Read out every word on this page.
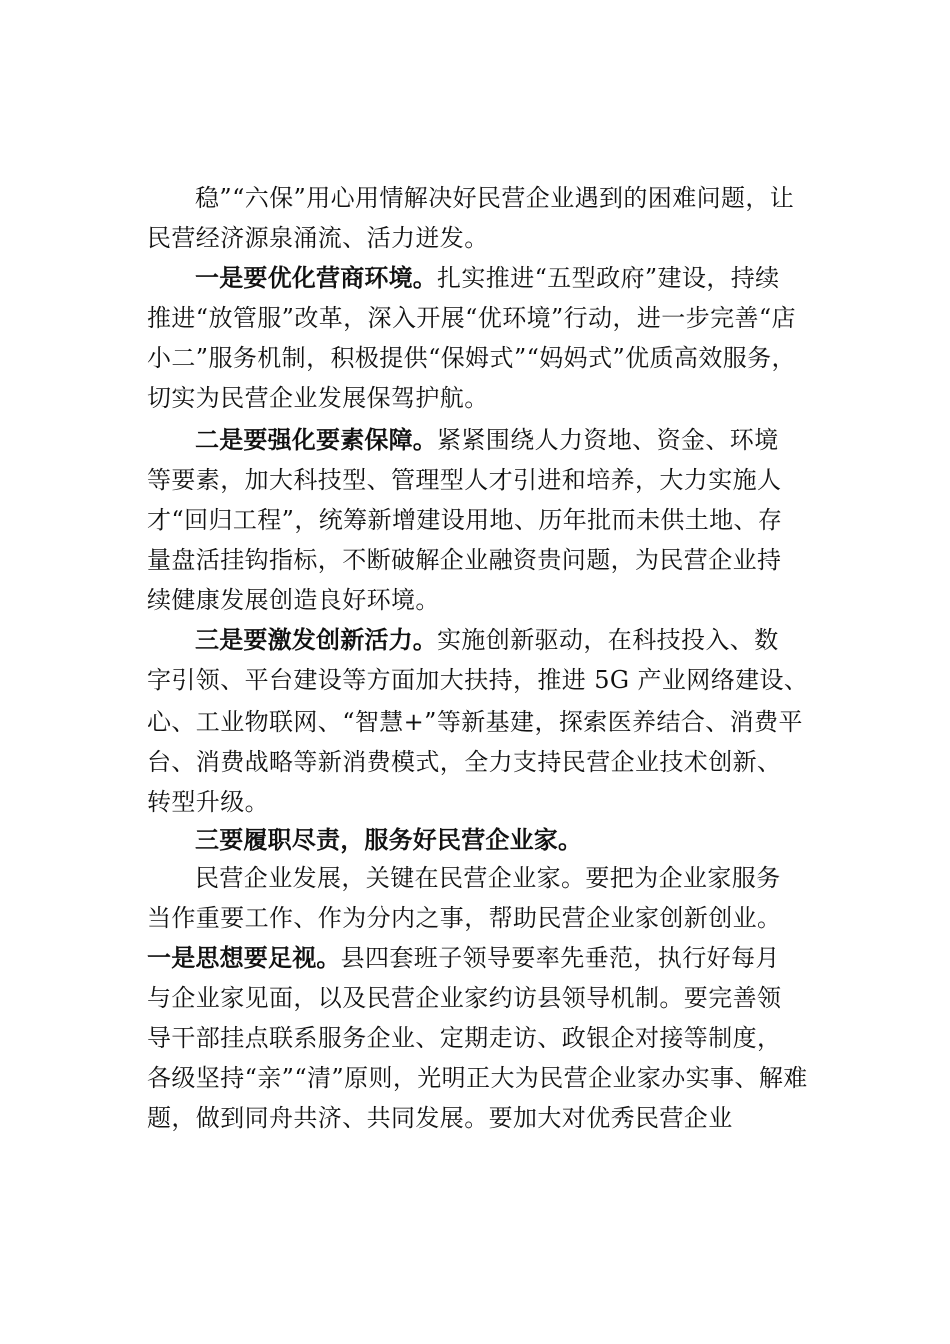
稳”“六保”用心用情解决好民营企业遇到的困难问题，让
民营经济源泉涌流、活力迸发。
一是要优化营商环境。扎实推进“五型政府”建设，持续
推进“放管服”改革，深入开展“优环境”行动，进一步完善“店
小二”服务机制，积极提供“保姆式”“妈妈式”优质高效服务，
切实为民营企业发展保驾护航。
二是要强化要素保障。紧紧围绕人力资地、资金、环境
等要素，加大科技型、管理型人才引进和培养，大力实施人
才“回归工程”，统筹新增建设用地、历年批而未供土地、存
量盘活挂钩指标，不断破解企业融资贵问题，为民营企业持
续健康发展创造良好环境。
三是要激发创新活力。实施创新驱动，在科技投入、数
字引领、平台建设等方面加大扶持，推进 5G 产业网络建设、
心、工业物联网、“智慧+”等新基建，探索医养结合、消费平
台、消费战略等新消费模式，全力支持民营企业技术创新、
转型升级。
三要履职尽责，服务好民营企业家。
民营企业发展，关键在民营企业家。要把为企业家服务
当作重要工作、作为分内之事，帮助民营企业家创新创业。
一是思想要足视。县四套班子领导要率先垂范，执行好每月
与企业家见面，以及民营企业家约访县领导机制。要完善领
导干部挂点联系服务企业、定期走访、政银企对接等制度，
各级坚持“亲”“清”原则，光明正大为民营企业家办实事、解难
题，做到同舟共济、共同发展。要加大对优秀民营企业
